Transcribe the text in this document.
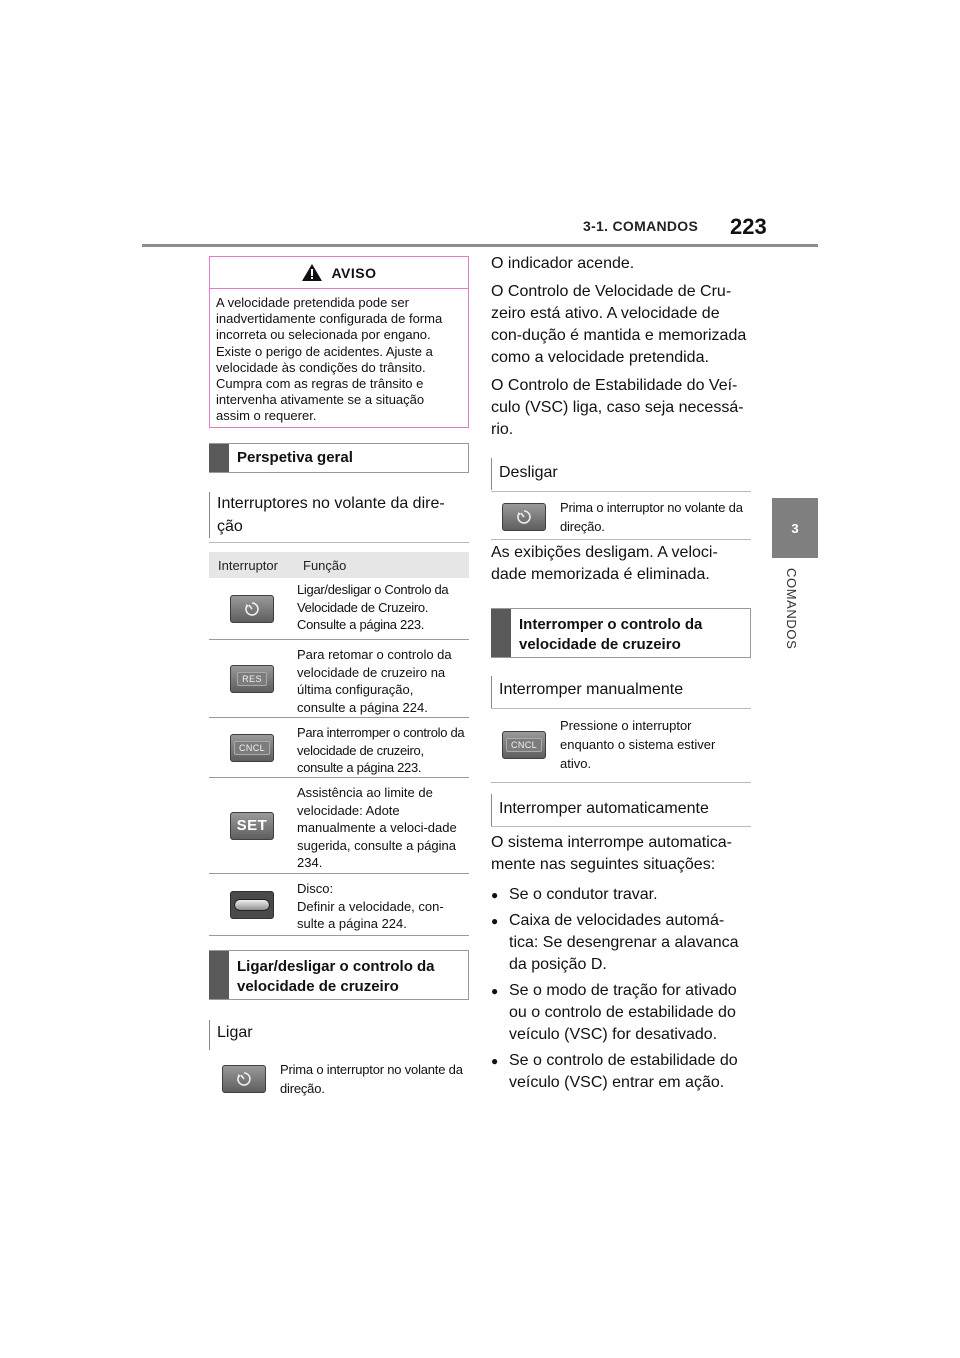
3-1. COMANDOS 223
3
COMANDOS
AVISO
A velocidade pretendida pode ser inadvertidamente configurada de forma incorreta ou selecionada por engano. Existe o perigo de acidentes. Ajuste a velocidade às condições do trânsito. Cumpra com as regras de trânsito e intervenha ativamente se a situação assim o requerer.
Perspetiva geral
Interruptores no volante da dire-
ção
Interruptor	Função
Ligar/desligar o Controlo da Velocidade de Cruzeiro. Consulte a página 223.
RES
Para retomar o controlo da velocidade de cruzeiro na última configuração, consulte a página 224.
CNCL
Para interromper o controlo da velocidade de cruzeiro, consulte a página 223.
SET
Assistência ao limite de velocidade: Adote manualmente a veloci-dade sugerida, consulte a página 234.
Disco:
Definir a velocidade, con-sulte a página 224.
Ligar/desligar o controlo da velocidade de cruzeiro
Ligar
Prima o interruptor no volante da direção.

O indicador acende.

O Controlo de Velocidade de Cru-zeiro está ativo. A velocidade de con-dução é mantida e memorizada como a velocidade pretendida.

O Controlo de Estabilidade do Veí-culo (VSC) liga, caso seja necessá-rio.

Desligar
Prima o interruptor no volante da direção.
As exibições desligam. A veloci-dade memorizada é eliminada.
Interromper o controlo da velocidade de cruzeiro
Interromper manualmente
CNCL
Pressione o interruptor enquanto o sistema estiver ativo.
Interromper automaticamente

O sistema interrompe automatica-mente nas seguintes situações:

● Se o condutor travar.
● Caixa de velocidades automá-tica: Se desengrenar a alavanca da posição D.
● Se o modo de tração for ativado ou o controlo de estabilidade do veículo (VSC) for desativado.
● Se o controlo de estabilidade do veículo (VSC) entrar em ação.
